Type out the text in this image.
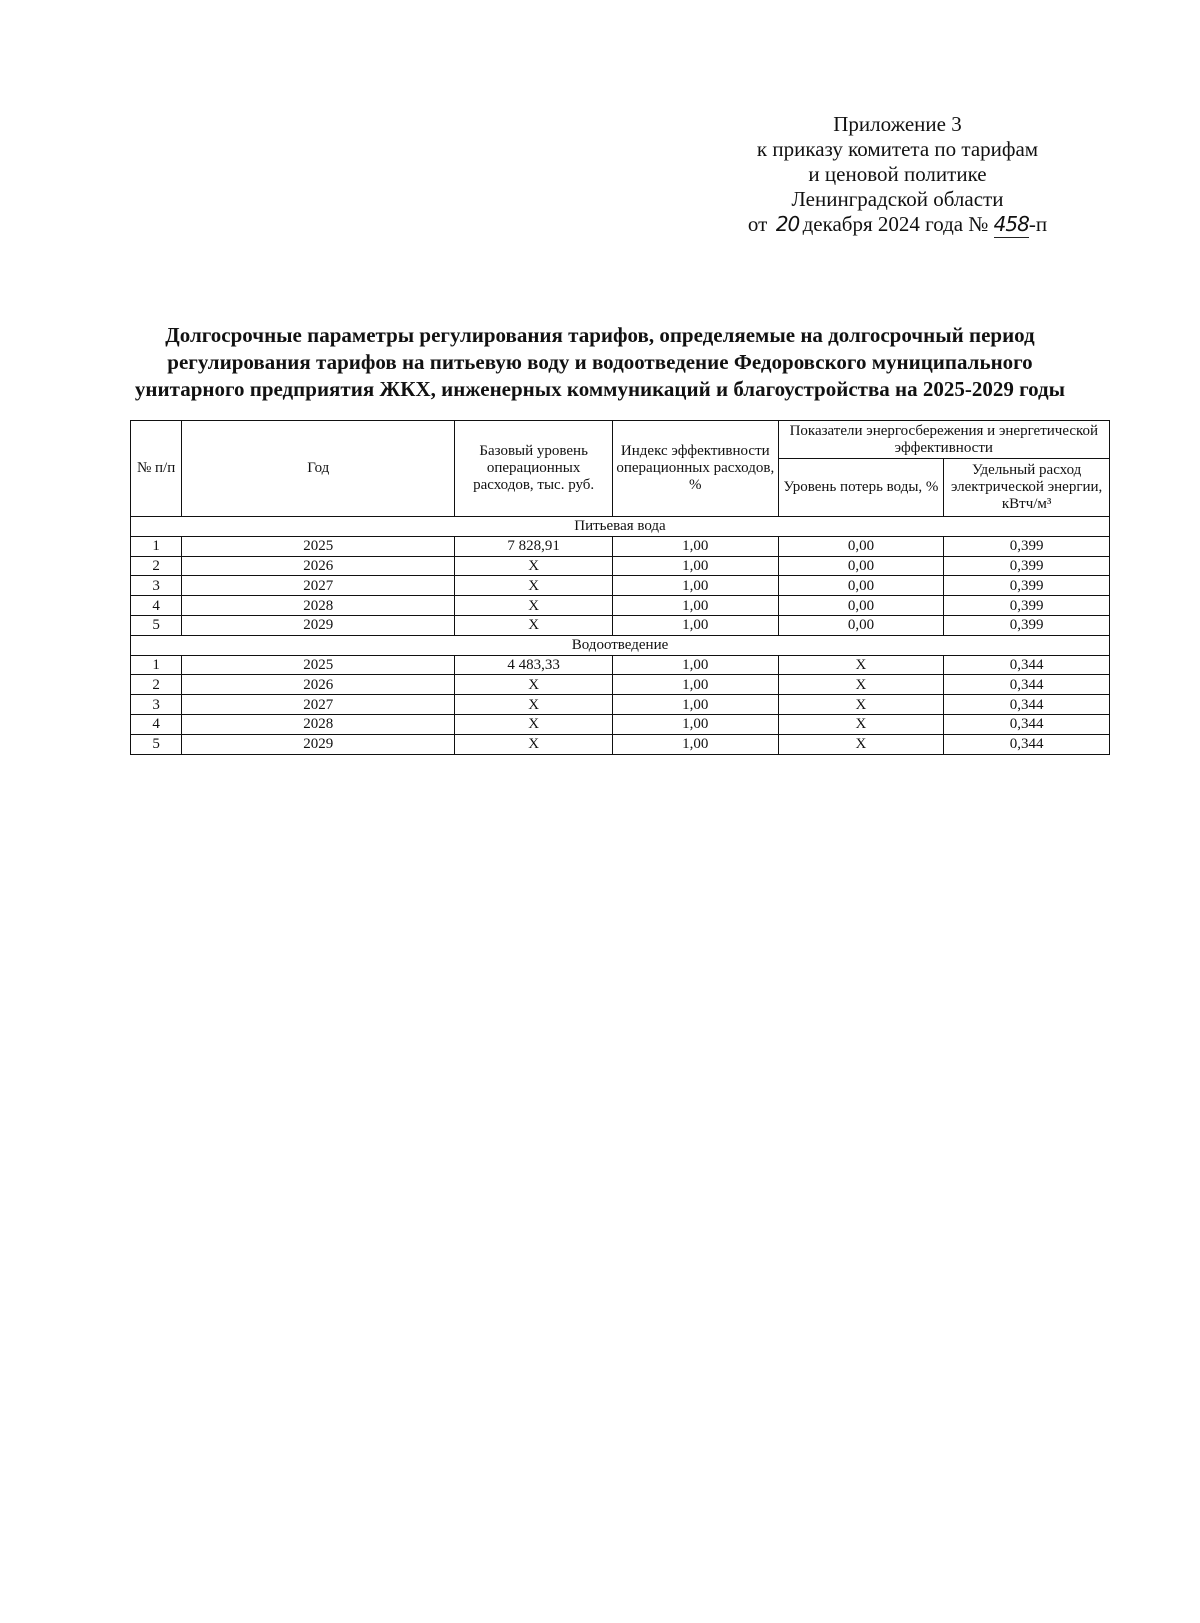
Приложение 3
к приказу комитета по тарифам
и ценовой политике
Ленинградской области
от 20 декабря 2024 года № 458-п
Долгосрочные параметры регулирования тарифов, определяемые на долгосрочный период
регулирования тарифов на питьевую воду и водоотведение Федоровского муниципального
унитарного предприятия ЖКХ, инженерных коммуникаций и благоустройства на 2025-2029 годы
№ п/п	Год	Базовый уровень операционных расходов, тыс. руб.	Индекс эффективности операционных расходов, %	Показатели энергосбережения и энергетической эффективности	
				Уровень потерь воды, %	Удельный расход электрической энергии, кВтч/м³
Питьевая вода					
1	2025	7 828,91	1,00	0,00	0,399
2	2026	X	1,00	0,00	0,399
3	2027	X	1,00	0,00	0,399
4	2028	X	1,00	0,00	0,399
5	2029	X	1,00	0,00	0,399
Водоотведение					
1	2025	4 483,33	1,00	X	0,344
2	2026	X	1,00	X	0,344
3	2027	X	1,00	X	0,344
4	2028	X	1,00	X	0,344
5	2029	X	1,00	X	0,344
